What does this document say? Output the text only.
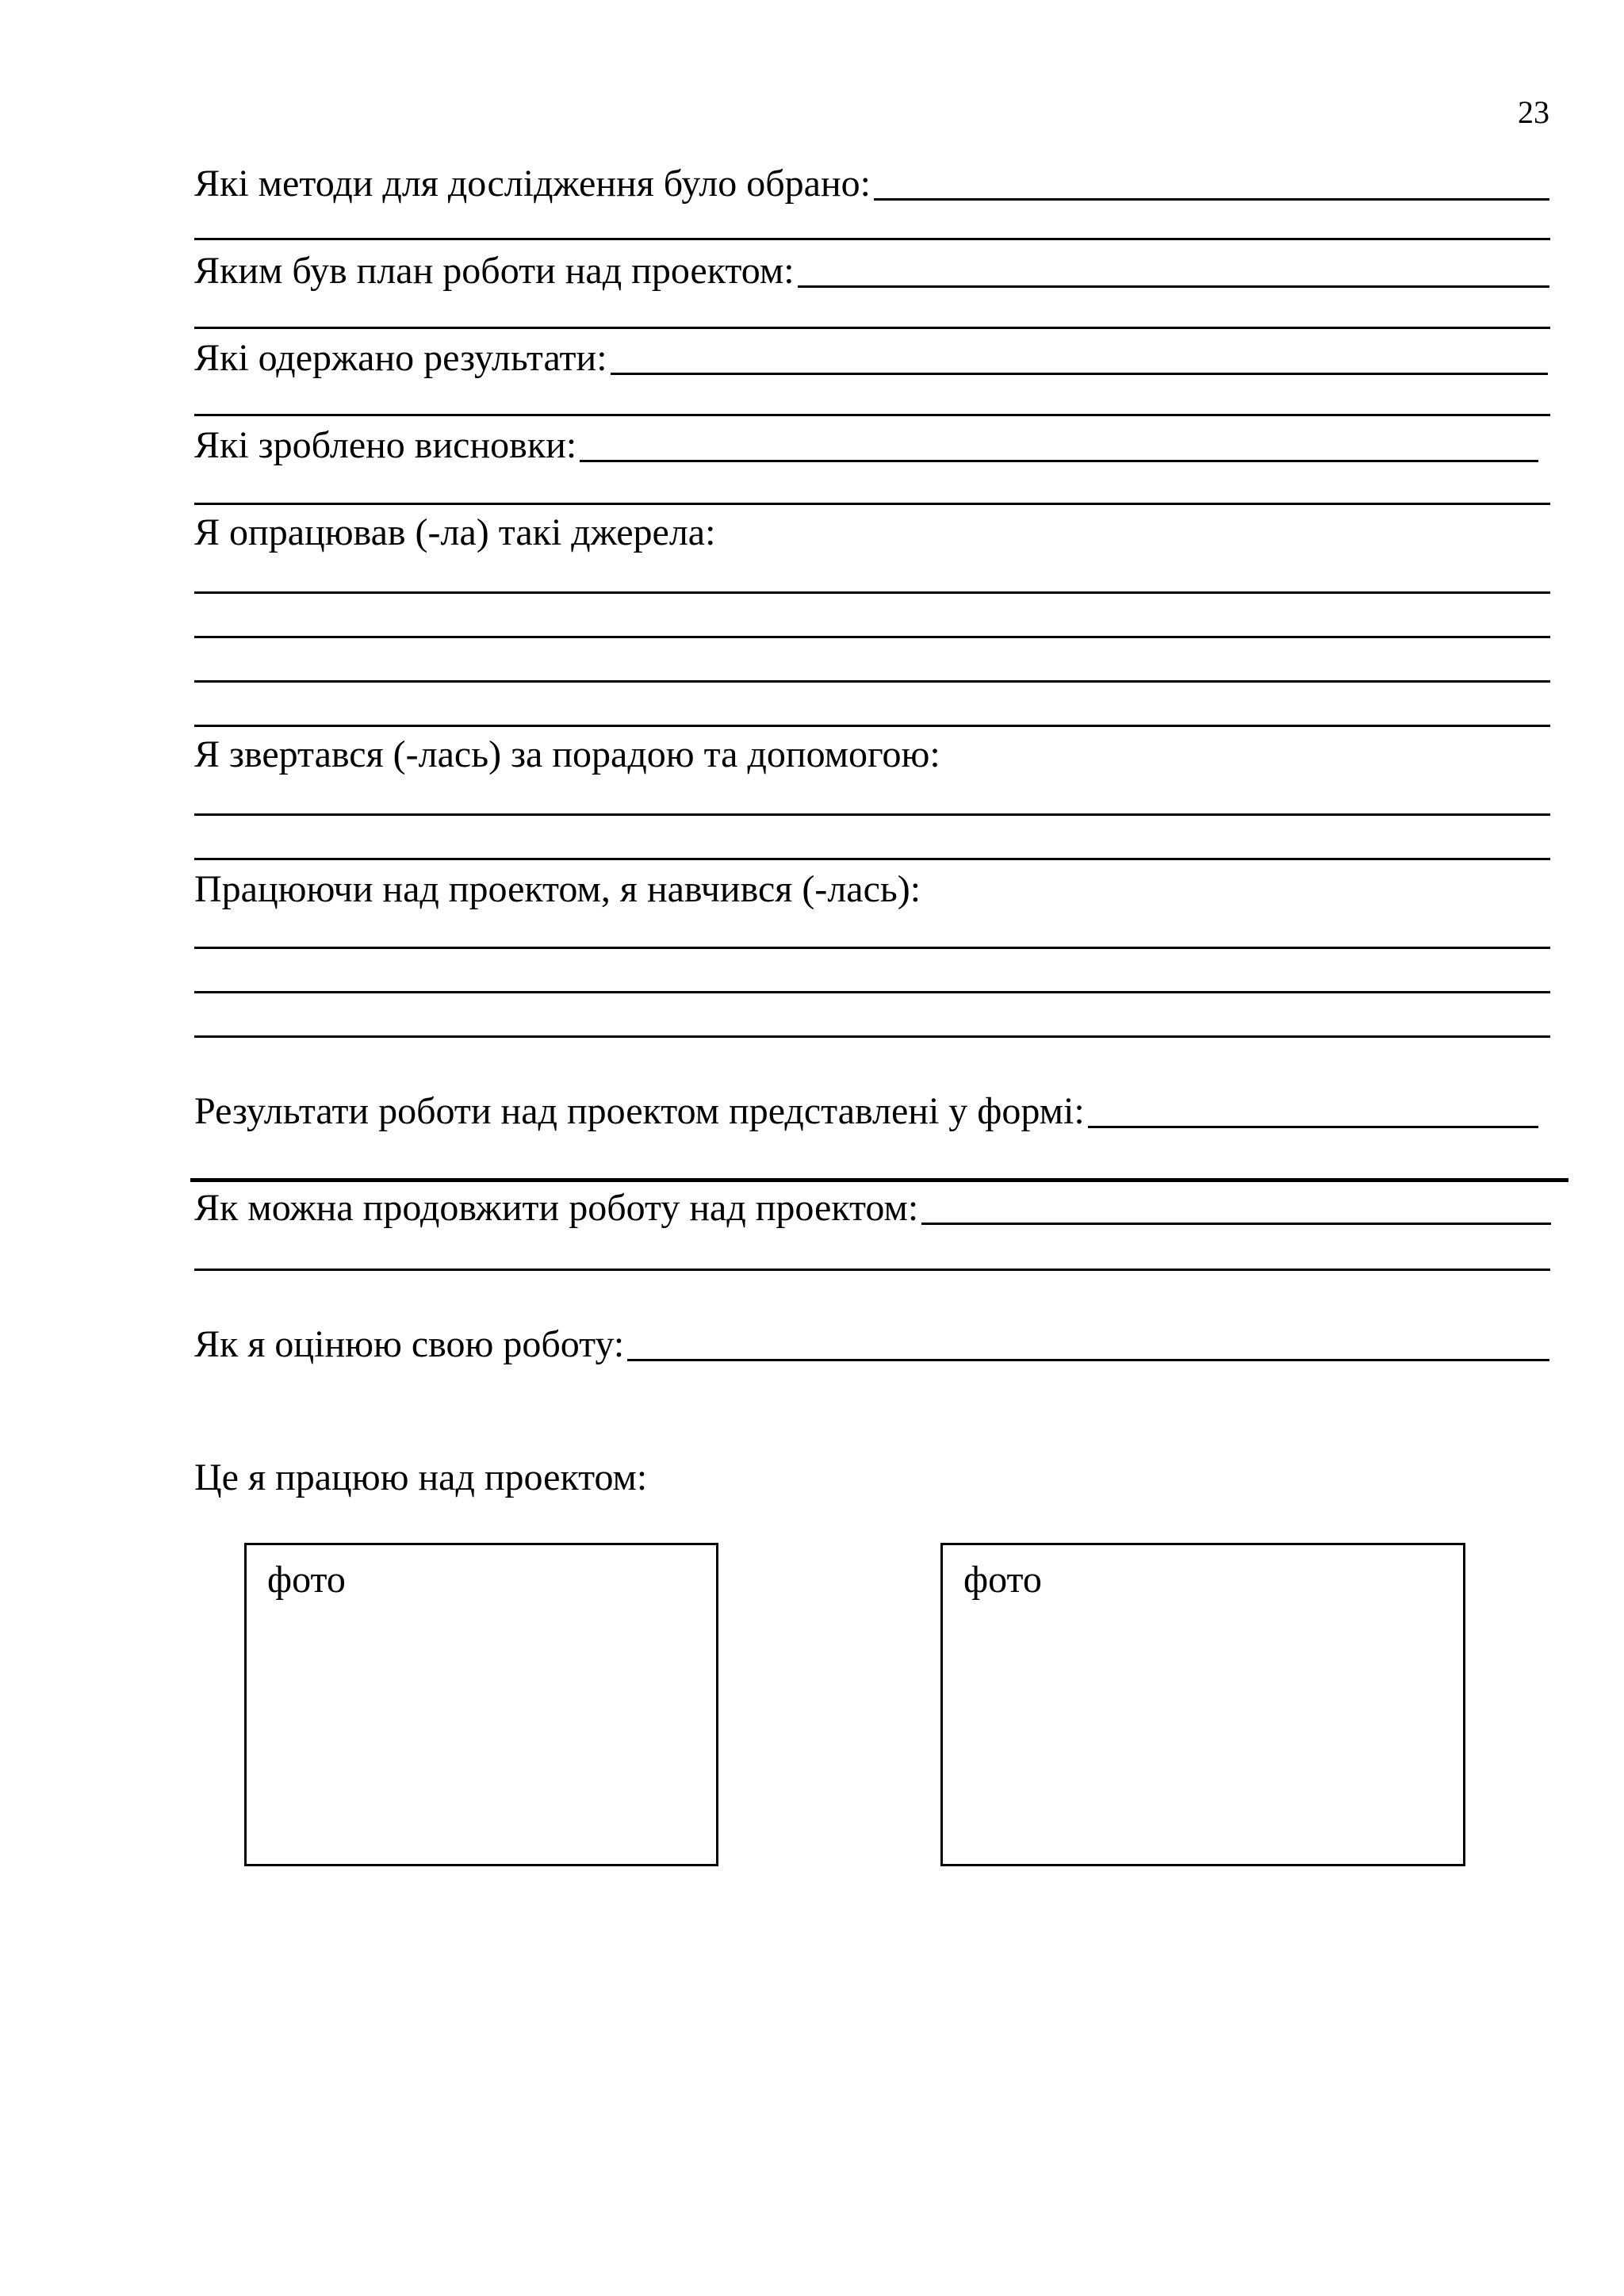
23
Які методи для дослідження було обрано:
Яким був план роботи над проектом:
Які одержано результати:
Які зроблено висновки:
Я опрацював (-ла) такі джерела:
Я звертався (-лась) за порадою та допомогою:
Працюючи над проектом, я навчився (-лась):
Результати роботи над проектом представлені у формі:
Як можна продовжити роботу над проектом:
Як я оцінюю свою роботу:
Це я працюю над проектом:
фото	фото
